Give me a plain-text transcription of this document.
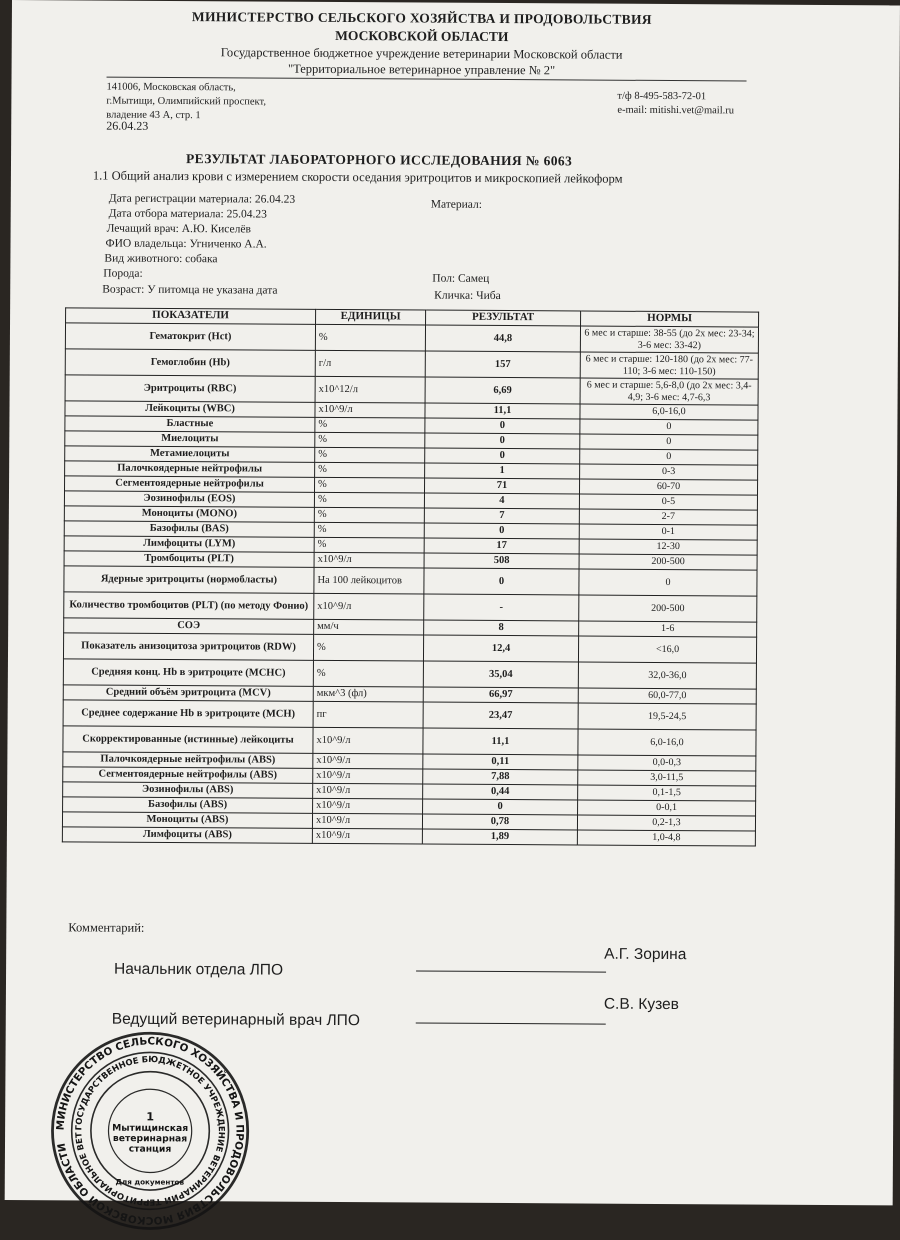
МИНИСТЕРСТВО СЕЛЬСКОГО ХОЗЯЙСТВА И ПРОДОВОЛЬСТВИЯ
МОСКОВСКОЙ ОБЛАСТИ
Государственное бюджетное учреждение ветеринарии Московской области
"Территориальное ветеринарное управление № 2"
141006, Московская область,
г.Мытищи, Олимпийский проспект,
владение 43 А, стр. 1
26.04.23
т/ф 8-495-583-72-01
e-mail: mitishi.vet@mail.ru
РЕЗУЛЬТАТ ЛАБОРАТОРНОГО ИССЛЕДОВАНИЯ № 6063
1.1 Общий анализ крови с измерением скорости оседания эритроцитов и микроскопией лейкоформ
Дата регистрации материала: 26.04.23
Дата отбора материала: 25.04.23
Лечащий врач: А.Ю. Киселёв
ФИО владельца: Угниченко А.А.
Вид животного: собака
Порода:
Возраст: У питомца не указана дата
Материал:
Пол: Самец
Кличка: Чиба
ПОКАЗАТЕЛИ	ЕДИНИЦЫ	РЕЗУЛЬТАТ	НОРМЫ
Гематокрит (Hct)	%	44,8	6 мес и старше: 38-55 (до 2х мес: 23-34; 3-6 мес: 33-42)
Гемоглобин (Hb)	г/л	157	6 мес и старше: 120-180 (до 2х мес: 77-110; 3-6 мес: 110-150)
Эритроциты (RBC)	x10^12/л	6,69	6 мес и старше: 5,6-8,0 (до 2х мес: 3,4-4,9; 3-6 мес: 4,7-6,3
Лейкоциты (WBC)	x10^9/л	11,1	6,0-16,0
Бластные	%	0	0
Миелоциты	%	0	0
Метамиелоциты	%	0	0
Палочкоядерные нейтрофилы	%	1	0-3
Сегментоядерные нейтрофилы	%	71	60-70
Эозинофилы (EOS)	%	4	0-5
Моноциты (MONO)	%	7	2-7
Базофилы (BAS)	%	0	0-1
Лимфоциты (LYM)	%	17	12-30
Тромбоциты (PLT)	x10^9/л	508	200-500
Ядерные эритроциты (нормобласты)	На 100 лейкоцитов	0	0
Количество тромбоцитов (PLT) (по методу Фонио)	x10^9/л	-	200-500
СОЭ	мм/ч	8	1-6
Показатель анизоцитоза эритроцитов (RDW)	%	12,4	<16,0
Средняя конц. Hb в эритроците (MCHC)	%	35,04	32,0-36,0
Средний объём эритроцита (MCV)	мкм^3 (фл)	66,97	60,0-77,0
Среднее содержание Hb в эритроците (MCH)	пг	23,47	19,5-24,5
Скорректированные (истинные) лейкоциты	x10^9/л	11,1	6,0-16,0
Палочкоядерные нейтрофилы (ABS)	x10^9/л	0,11	0,0-0,3
Сегментоядерные нейтрофилы (ABS)	x10^9/л	7,88	3,0-11,5
Эозинофилы (ABS)	x10^9/л	0,44	0,1-1,5
Базофилы (ABS)	x10^9/л	0	0-0,1
Моноциты (ABS)	x10^9/л	0,78	0,2-1,3
Лимфоциты (ABS)	x10^9/л	1,89	1,0-4,8
Комментарий:
Начальник отдела ЛПО
А.Г. Зорина
Ведущий ветеринарный врач ЛПО
С.В. Кузев
МИНИСТЕРСТВО СЕЛЬСКОГО ХОЗЯЙСТВА И ПРОДОВОЛЬСТВИЯ МОСКОВСКОЙ ОБЛАСТИ
ГОСУДАРСТВЕННОЕ БЮДЖЕТНОЕ УЧРЕЖДЕНИЕ ВЕТЕРИНАРИИ ТЕРРИТОРИАЛЬНОЕ ВЕТЕРИНАРНОЕ
1
Мытищинская ветеринарная станция
Для документов
